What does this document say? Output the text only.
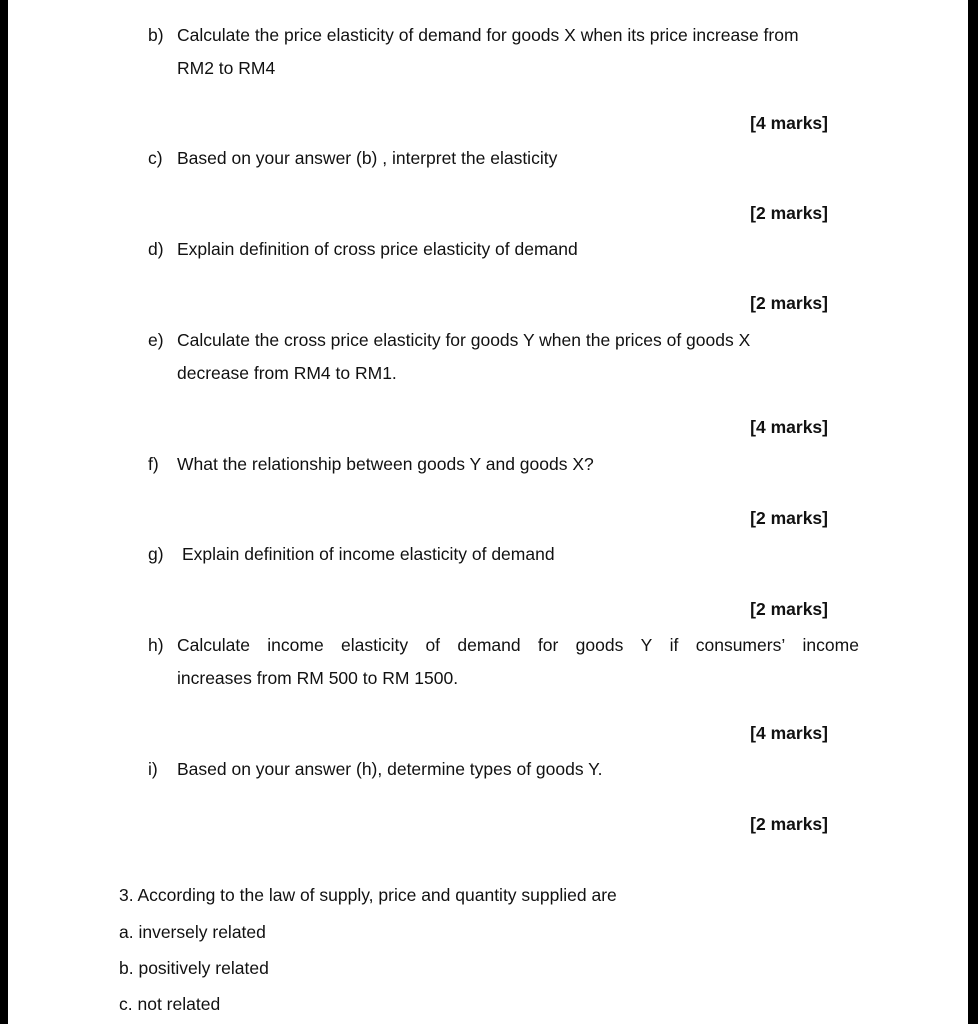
b) Calculate the price elasticity of demand for goods X when its price increase from
RM2 to RM4
[4 marks]
c) Based on your answer (b) , interpret the elasticity
[2 marks]
d) Explain definition of cross price elasticity of demand
[2 marks]
e) Calculate the cross price elasticity for goods Y when the prices of goods X
decrease from RM4 to RM1.
[4 marks]
f) What the relationship between goods Y and goods X?
[2 marks]
g) Explain definition of income elasticity of demand
[2 marks]
h) Calculate income elasticity of demand for goods Y if consumers’ income
increases from RM 500 to RM 1500.
[4 marks]
i) Based on your answer (h), determine types of goods Y.
[2 marks]
3. According to the law of supply, price and quantity supplied are
a. inversely related
b. positively related
c. not related
